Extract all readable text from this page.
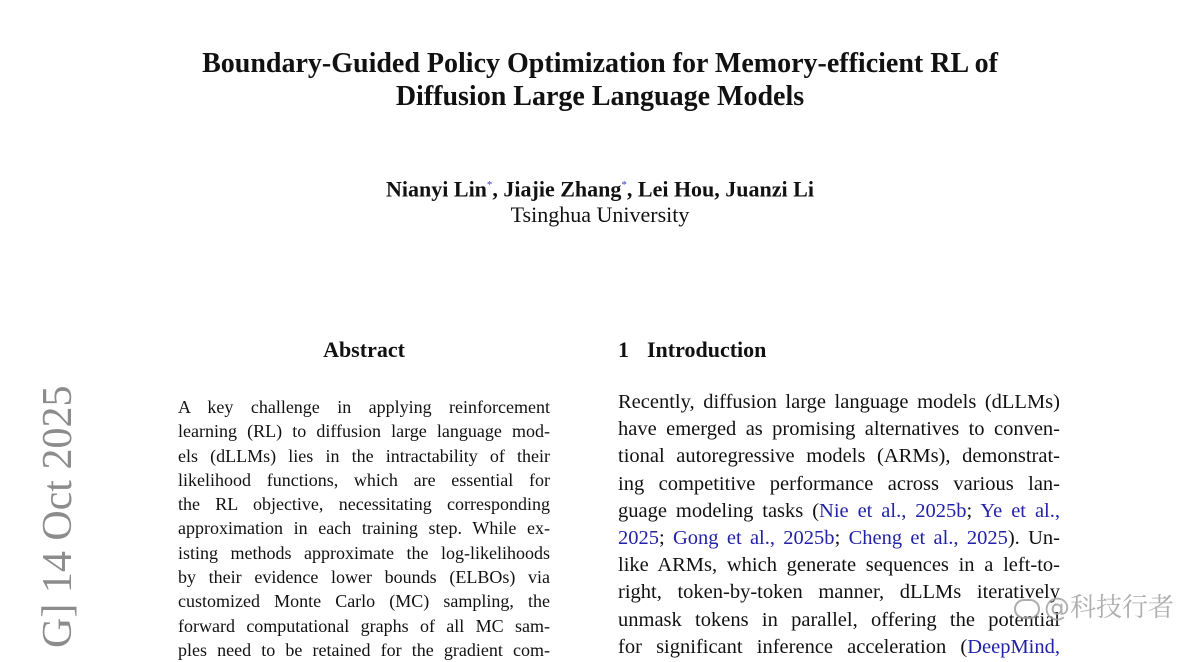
Boundary-Guided Policy Optimization for Memory-efficient RL of
Diffusion Large Language Models
Nianyi Lin*, Jiajie Zhang*, Lei Hou, Juanzi Li
Tsinghua University
Abstract
A key challenge in applying reinforcement
learning (RL) to diffusion large language mod-
els (dLLMs) lies in the intractability of their
likelihood functions, which are essential for
the RL objective, necessitating corresponding
approximation in each training step. While ex-
isting methods approximate the log-likelihoods
by their evidence lower bounds (ELBOs) via
customized Monte Carlo (MC) sampling, the
forward computational graphs of all MC sam-
ples need to be retained for the gradient com-
1 Introduction
Recently, diffusion large language models (dLLMs)
have emerged as promising alternatives to conven-
tional autoregressive models (ARMs), demonstrat-
ing competitive performance across various lan-
guage modeling tasks (Nie et al., 2025b; Ye et al.,
2025; Gong et al., 2025b; Cheng et al., 2025). Un-
like ARMs, which generate sequences in a left-to-
right, token-by-token manner, dLLMs iteratively
unmask tokens in parallel, offering the potential
for significant inference acceleration (DeepMind,
G] 14 Oct 2025	@科技行者
